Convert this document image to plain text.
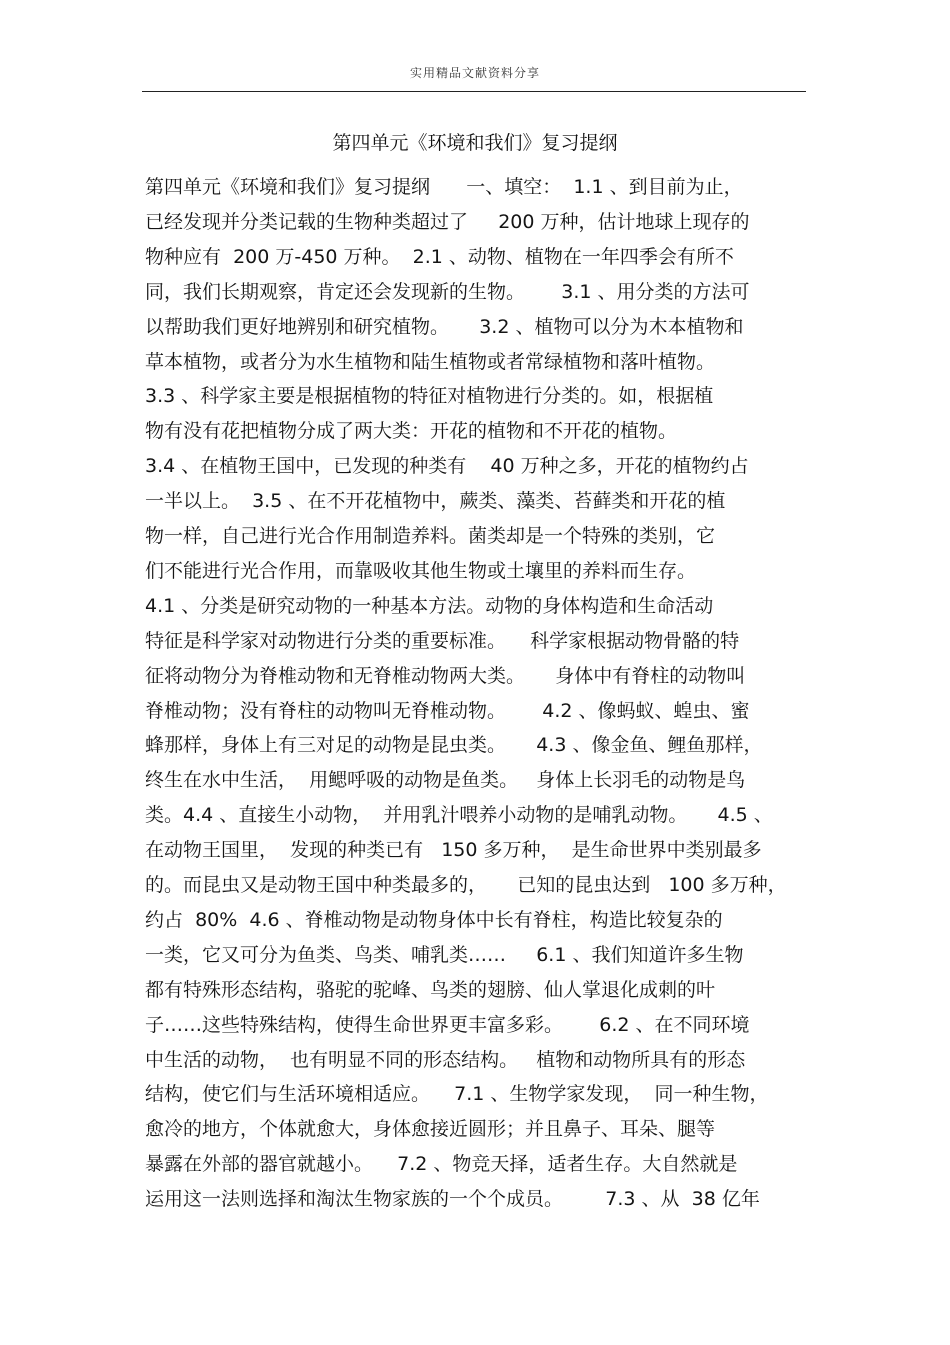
实用精品文献资料分享
第四单元《环境和我们》复习提纲
第四单元《环境和我们》复习提纲      一、填空：  1.1 、到目前为止，
已经发现并分类记载的生物种类超过了     200 万种，估计地球上现存的
物种应有  200 万-450 万种。  2.1 、动物、植物在一年四季会有所不
同，我们长期观察，肯定还会发现新的生物。      3.1 、用分类的方法可
以帮助我们更好地辨别和研究植物。     3.2 、植物可以分为木本植物和
草本植物，或者分为水生植物和陆生植物或者常绿植物和落叶植物。
3.3 、科学家主要是根据植物的特征对植物进行分类的。如，根据植
物有没有花把植物分成了两大类：开花的植物和不开花的植物。
3.4 、在植物王国中，已发现的种类有    40 万种之多，开花的植物约占
一半以上。  3.5 、在不开花植物中，蕨类、藻类、苔藓类和开花的植
物一样，自己进行光合作用制造养料。菌类却是一个特殊的类别，它
们不能进行光合作用，而靠吸收其他生物或土壤里的养料而生存。
4.1 、分类是研究动物的一种基本方法。动物的身体构造和生命活动
特征是科学家对动物进行分类的重要标准。    科学家根据动物骨骼的特
征将动物分为脊椎动物和无脊椎动物两大类。     身体中有脊柱的动物叫
脊椎动物；没有脊柱的动物叫无脊椎动物。      4.2 、像蚂蚁、蝗虫、蜜
蜂那样，身体上有三对足的动物是昆虫类。     4.3 、像金鱼、鲤鱼那样，
终生在水中生活，  用鳃呼吸的动物是鱼类。   身体上长羽毛的动物是鸟
类。4.4 、直接生小动物，  并用乳汁喂养小动物的是哺乳动物。     4.5 、
在动物王国里，  发现的种类已有   150 多万种，  是生命世界中类别最多
的。而昆虫又是动物王国中种类最多的，     已知的昆虫达到   100 多万种，
约占  80%  4.6 、脊椎动物是动物身体中长有脊柱，构造比较复杂的
一类，它又可分为鱼类、鸟类、哺乳类……     6.1 、我们知道许多生物
都有特殊形态结构，骆驼的驼峰、鸟类的翅膀、仙人掌退化成刺的叶
子……这些特殊结构，使得生命世界更丰富多彩。      6.2 、在不同环境
中生活的动物，  也有明显不同的形态结构。   植物和动物所具有的形态
结构，使它们与生活环境相适应。    7.1 、生物学家发现，  同一种生物，
愈冷的地方，个体就愈大，身体愈接近圆形；并且鼻子、耳朵、腿等
暴露在外部的器官就越小。    7.2 、物竞天择，适者生存。大自然就是
运用这一法则选择和淘汰生物家族的一个个成员。       7.3 、从  38 亿年
